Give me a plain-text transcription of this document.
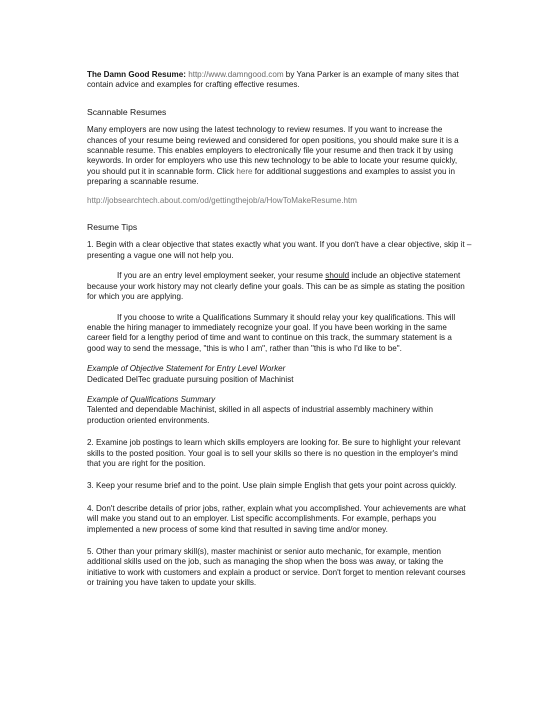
The Damn Good Resume: http://www.damngood.com by Yana Parker is an example of many sites that contain advice and examples for crafting effective resumes.

Scannable Resumes

Many employers are now using the latest technology to review resumes. If you want to increase the chances of your resume being reviewed and considered for open positions, you should make sure it is a scannable resume. This enables employers to electronically file your resume and then track it by using keywords. In order for employers who use this new technology to be able to locate your resume quickly, you should put it in scannable form. Click here for additional suggestions and examples to assist you in preparing a scannable resume.

http://jobsearchtech.about.com/od/gettingthejob/a/HowToMakeResume.htm

Resume Tips

1. Begin with a clear objective that states exactly what you want. If you don't have a clear objective, skip it – presenting a vague one will not help you.

If you are an entry level employment seeker, your resume should include an objective statement because your work history may not clearly define your goals. This can be as simple as stating the position for which you are applying.

If you choose to write a Qualifications Summary it should relay your key qualifications. This will enable the hiring manager to immediately recognize your goal. If you have been working in the same career field for a lengthy period of time and want to continue on this track, the summary statement is a good way to send the message, "this is who I am", rather than "this is who I'd like to be".

Example of Objective Statement for Entry Level Worker

Dedicated DelTec graduate pursuing position of Machinist

Example of Qualifications Summary

Talented and dependable Machinist, skilled in all aspects of industrial assembly machinery within production oriented environments.

2. Examine job postings to learn which skills employers are looking for. Be sure to highlight your relevant skills to the posted position. Your goal is to sell your skills so there is no question in the employer's mind that you are right for the position.

3. Keep your resume brief and to the point. Use plain simple English that gets your point across quickly.

4. Don't describe details of prior jobs, rather, explain what you accomplished. Your achievements are what will make you stand out to an employer. List specific accomplishments. For example, perhaps you implemented a new process of some kind that resulted in saving time and/or money.

5. Other than your primary skill(s), master machinist or senior auto mechanic, for example, mention additional skills used on the job, such as managing the shop when the boss was away, or taking the initiative to work with customers and explain a product or service. Don't forget to mention relevant courses or training you have taken to update your skills.
